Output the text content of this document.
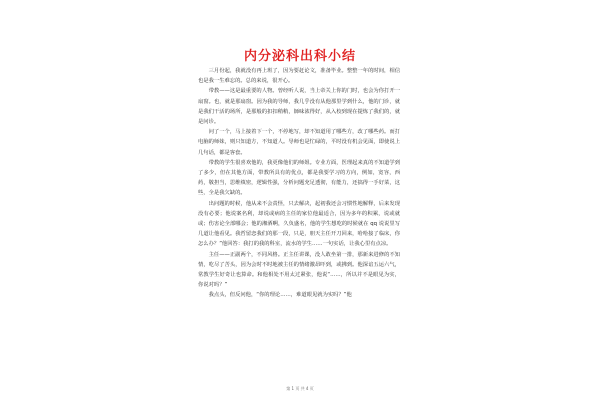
内分泌科出科小结

三月份起，我就没有再上班了，因为要赶论文，准备毕业。整整一年的时间，相信也是我一生难忘的。总的来说，很开心。

带教——这是最重要的人物。曾经听人说，当上帝关上你的门时，也会为你打开一扇窗。也，就是那扇窗。因为我的导师，我几乎没有从他那里学到什么，他的门诊，就是我们干活的场所，是那般的扣扣稍稍，師味浓得好，从入校到现在提炼了我们的，就是问诊。

问了一个，马上接着下一个，不停地写，却不知道用了哪些方，改了哪些药。而打电脑的师妹，则只知道方，不知道人。导师也是忙碌的，平时没有机会见面，即使说上几句话，都是客套。

带教的学生很喜欢他的，我更像他们的师姐。专业方面，医理起来真的不知道学到了多少，但在其他方面，带教所具有的优点，都是我要学习的方向，例如，宽容，西药，敬担当，思维缜密，逻辑性强，分析问题充足透彻，有能力，还搞得一手好菜，这些，全是我欠缺的。

出问题的时候，他从来不会责怪，只去解决，起初我还会习惯性地解释，后来发现没有必要；他说案名利，却说或病的主任的家位他最适合，因为多年的积累，说或就或；伤害论全部哪会；他的湘酒啊，久负盛名，他的学生想吃的时候就在 qq 说说里写几道让他看见。我哲留恋我们的那一段，只是，朋天主任开刀回来，哈哈接了临床，你怎么办？”他回答：我打的我的科室，流水的学生……一句实话，让我心里有点凉。

主任——正副两个，不同风格。正主任讲课，没人敢坐第一排，那新来进修的不知情，吃尽了苦头，因为会时不时地被主任的情绪激昂吓到，或拂到。他深谙五运六气，常教学生好奇让也算命。和他相处不用太过紧张，他说“……，所以并不是眼见为实，你说对吗？”

我点头，但反问他，“你的理论……，难道眼见就为实吗？”他

第 1 页 共 4 页
